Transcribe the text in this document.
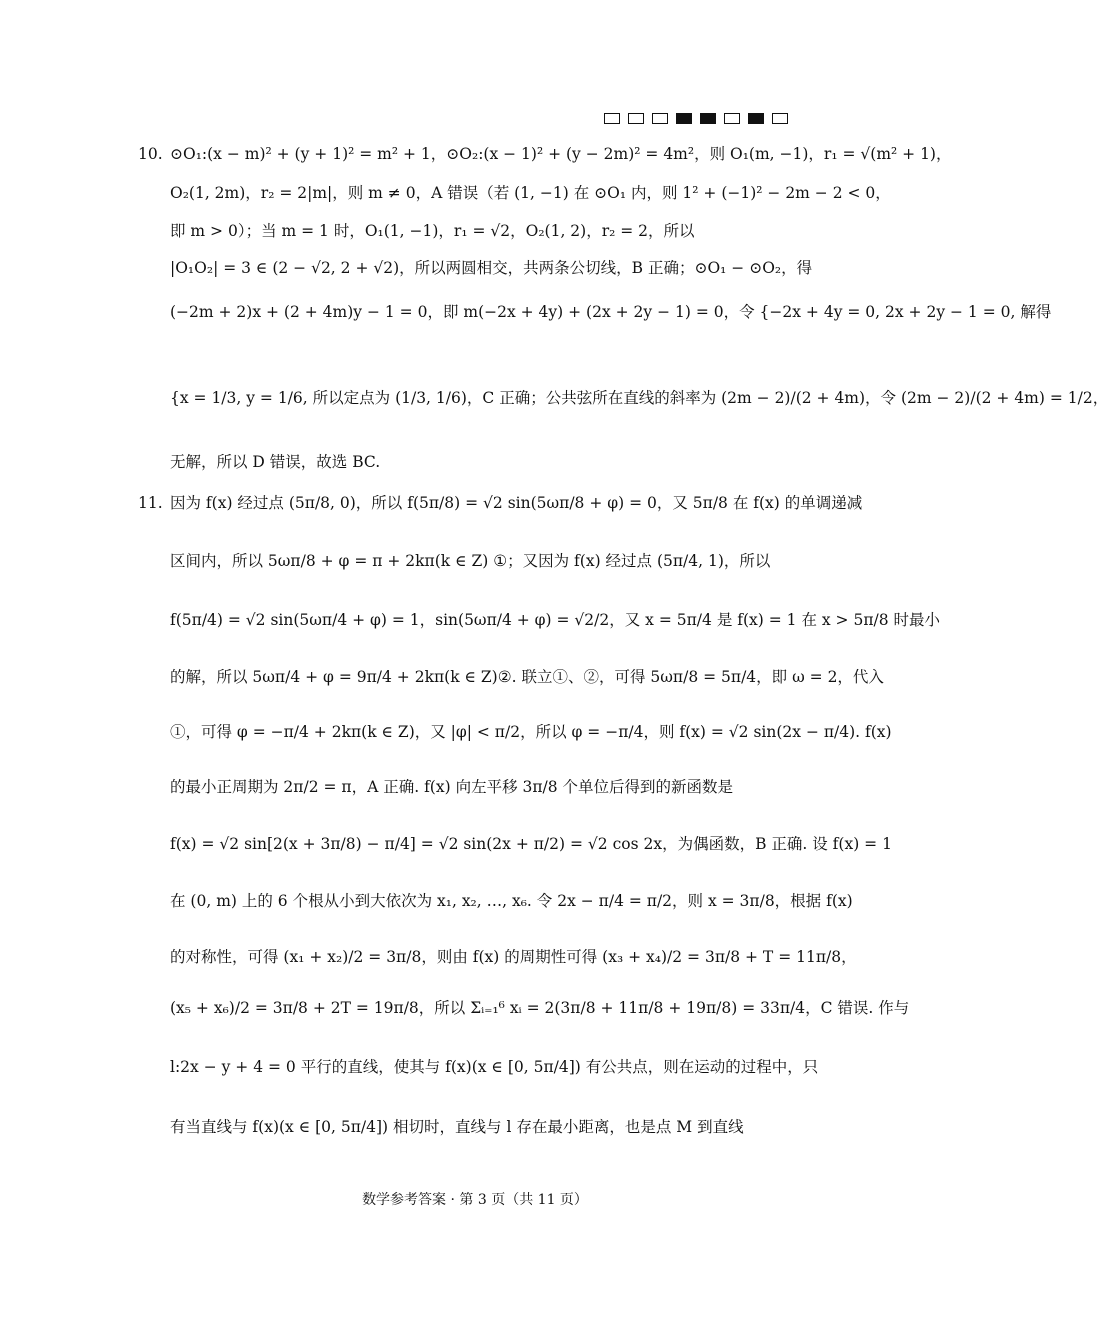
10. ⊙O₁:(x − m)² + (y + 1)² = m² + 1，⊙O₂:(x − 1)² + (y − 2m)² = 4m²，则 O₁(m, −1)，r₁ = √(m² + 1)，
O₂(1, 2m)，r₂ = 2|m|，则 m ≠ 0，A 错误（若 (1, −1) 在 ⊙O₁ 内，则 1² + (−1)² − 2m − 2 < 0，
即 m > 0）；当 m = 1 时，O₁(1, −1)，r₁ = √2，O₂(1, 2)，r₂ = 2，所以
|O₁O₂| = 3 ∈ (2 − √2, 2 + √2)，所以两圆相交，共两条公切线，B 正确；⊙O₁ − ⊙O₂，得
(−2m + 2)x + (2 + 4m)y − 1 = 0，即 m(−2x + 4y) + (2x + 2y − 1) = 0，令 {−2x + 4y = 0, 2x + 2y − 1 = 0, 解得
{x = 1/3, y = 1/6, 所以定点为 (1/3, 1/6)，C 正确；公共弦所在直线的斜率为 (2m − 2)/(2 + 4m)，令 (2m − 2)/(2 + 4m) = 1/2，
无解，所以 D 错误，故选 BC.
11. 因为 f(x) 经过点 (5π/8, 0)，所以 f(5π/8) = √2 sin(5ωπ/8 + φ) = 0，又 5π/8 在 f(x) 的单调递减
区间内，所以 5ωπ/8 + φ = π + 2kπ(k ∈ Z) ①；又因为 f(x) 经过点 (5π/4, 1)，所以
f(5π/4) = √2 sin(5ωπ/4 + φ) = 1，sin(5ωπ/4 + φ) = √2/2，又 x = 5π/4 是 f(x) = 1 在 x > 5π/8 时最小
的解，所以 5ωπ/4 + φ = 9π/4 + 2kπ(k ∈ Z)②. 联立①、②，可得 5ωπ/8 = 5π/4，即 ω = 2，代入
①，可得 φ = −π/4 + 2kπ(k ∈ Z)，又 |φ| < π/2，所以 φ = −π/4，则 f(x) = √2 sin(2x − π/4). f(x)
的最小正周期为 2π/2 = π，A 正确. f(x) 向左平移 3π/8 个单位后得到的新函数是
f(x) = √2 sin[2(x + 3π/8) − π/4] = √2 sin(2x + π/2) = √2 cos 2x，为偶函数，B 正确. 设 f(x) = 1
在 (0, m) 上的 6 个根从小到大依次为 x₁, x₂, …, x₆. 令 2x − π/4 = π/2，则 x = 3π/8，根据 f(x)
的对称性，可得 (x₁ + x₂)/2 = 3π/8，则由 f(x) 的周期性可得 (x₃ + x₄)/2 = 3π/8 + T = 11π/8，
(x₅ + x₆)/2 = 3π/8 + 2T = 19π/8，所以 Σᵢ₌₁⁶ xᵢ = 2(3π/8 + 11π/8 + 19π/8) = 33π/4，C 错误. 作与
l:2x − y + 4 = 0 平行的直线，使其与 f(x)(x ∈ [0, 5π/4]) 有公共点，则在运动的过程中，只
有当直线与 f(x)(x ∈ [0, 5π/4]) 相切时，直线与 l 存在最小距离，也是点 M 到直线
数学参考答案 · 第 3 页（共 11 页）
